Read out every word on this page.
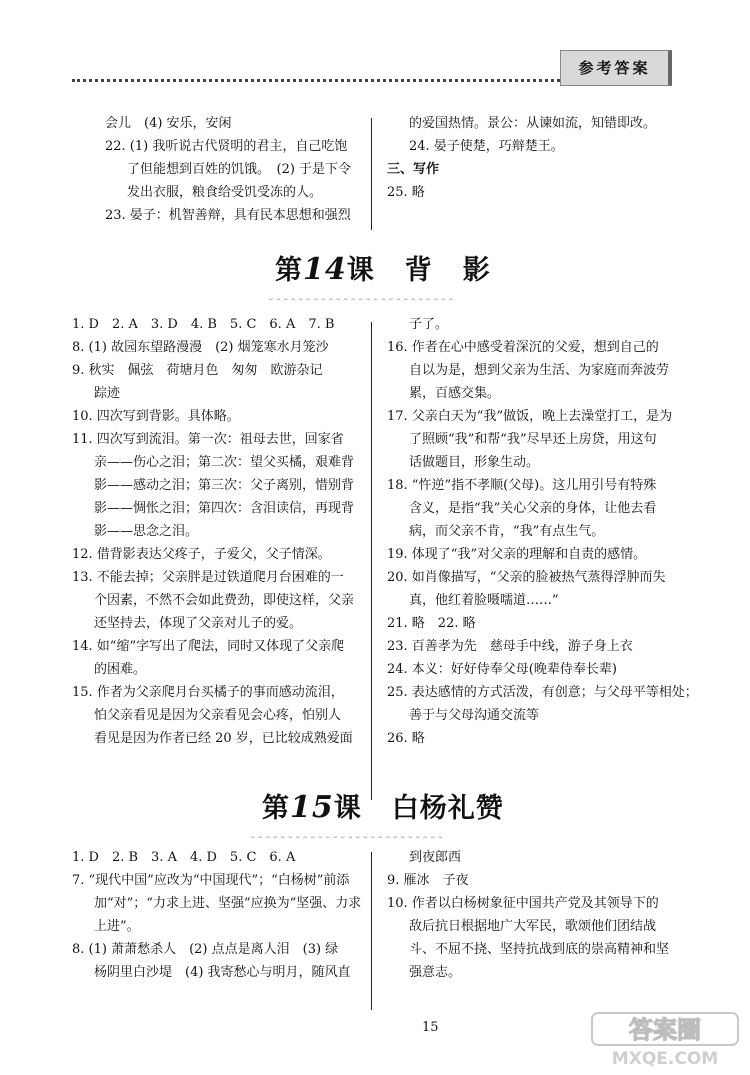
参考答案
会儿　(4) 安乐，安闲
22. (1) 我听说古代贤明的君主，自己吃饱
了但能想到百姓的饥饿。　(2) 于是下令
发出衣服，粮食给受饥受冻的人。
23. 晏子：机智善辩，具有民本思想和强烈
的爱国热情。景公：从谏如流，知错即改。
24. 晏子使楚，巧辩楚王。
三、写作
25. 略
第14课 背 影
˷˷˷˷˷˷˷˷˷˷˷˷˷˷˷˷˷˷˷˷˷˷˷˷˷
1. D　2. A　3. D　4. B　5. C　6. A　7. B
8. (1) 故园东望路漫漫　(2) 烟笼寒水月笼沙
9. 秋实　佩弦　荷塘月色　匆匆　欧游杂记
踪迹
10. 四次写到背影。具体略。
11. 四次写到流泪。第一次：祖母去世，回家省
亲——伤心之泪；第二次：望父买橘，艰难背
影——感动之泪；第三次：父子离别，惜别背
影——惆怅之泪；第四次：含泪读信，再现背
影——思念之泪。
12. 借背影表达父疼子，子爱父，父子情深。
13. 不能去掉；父亲胖是过铁道爬月台困难的一
个因素，不然不会如此费劲，即使这样，父亲
还坚持去，体现了父亲对儿子的爱。
14. 如“缩”字写出了爬法，同时又体现了父亲爬
的困难。
15. 作者为父亲爬月台买橘子的事而感动流泪，
怕父亲看见是因为父亲看见会心疼，怕别人
看见是因为作者已经 20 岁，已比较成熟爱面
子了。
16. 作者在心中感受着深沉的父爱，想到自己的
自以为是，想到父亲为生活、为家庭而奔波劳
累，百感交集。
17. 父亲白天为“我”做饭，晚上去澡堂打工，是为
了照顾“我”和帮“我”尽早还上房贷，用这句
话做题目，形象生动。
18. “忤逆”指不孝顺(父母)。这儿用引号有特殊
含义，是指“我”关心父亲的身体，让他去看
病，而父亲不肯，“我”有点生气。
19. 体现了“我”对父亲的理解和自责的感情。
20. 如肖像描写，“父亲的脸被热气蒸得浮肿而失
真，他红着脸嗫嚅道……”
21. 略　22. 略
23. 百善孝为先　慈母手中线，游子身上衣
24. 本义：好好侍奉父母(晚辈侍奉长辈)
25. 表达感情的方式活泼，有创意；与父母平等相处；
善于与父母沟通交流等
26. 略
第15课 白杨礼赞
˷˷˷˷˷˷˷˷˷˷˷˷˷˷˷˷˷˷˷˷˷˷˷˷˷˷
1. D　2. B　3. A　4. D　5. C　6. A
7. “现代中国”应改为“中国现代”；“白杨树”前添
加“对”；“力求上进、坚强”应换为“坚强、力求
上进”。
8. (1) 萧萧愁杀人　(2) 点点是离人泪　(3) 绿
杨阴里白沙堤　(4) 我寄愁心与明月，随风直
到夜郎西
9. 雁冰　子夜
10. 作者以白杨树象征中国共产党及其领导下的
敌后抗日根据地广大军民，歌颂他们团结战
斗、不屈不挠、坚持抗战到底的崇高精神和坚
强意志。
15	答案圈
MXQE.COM
